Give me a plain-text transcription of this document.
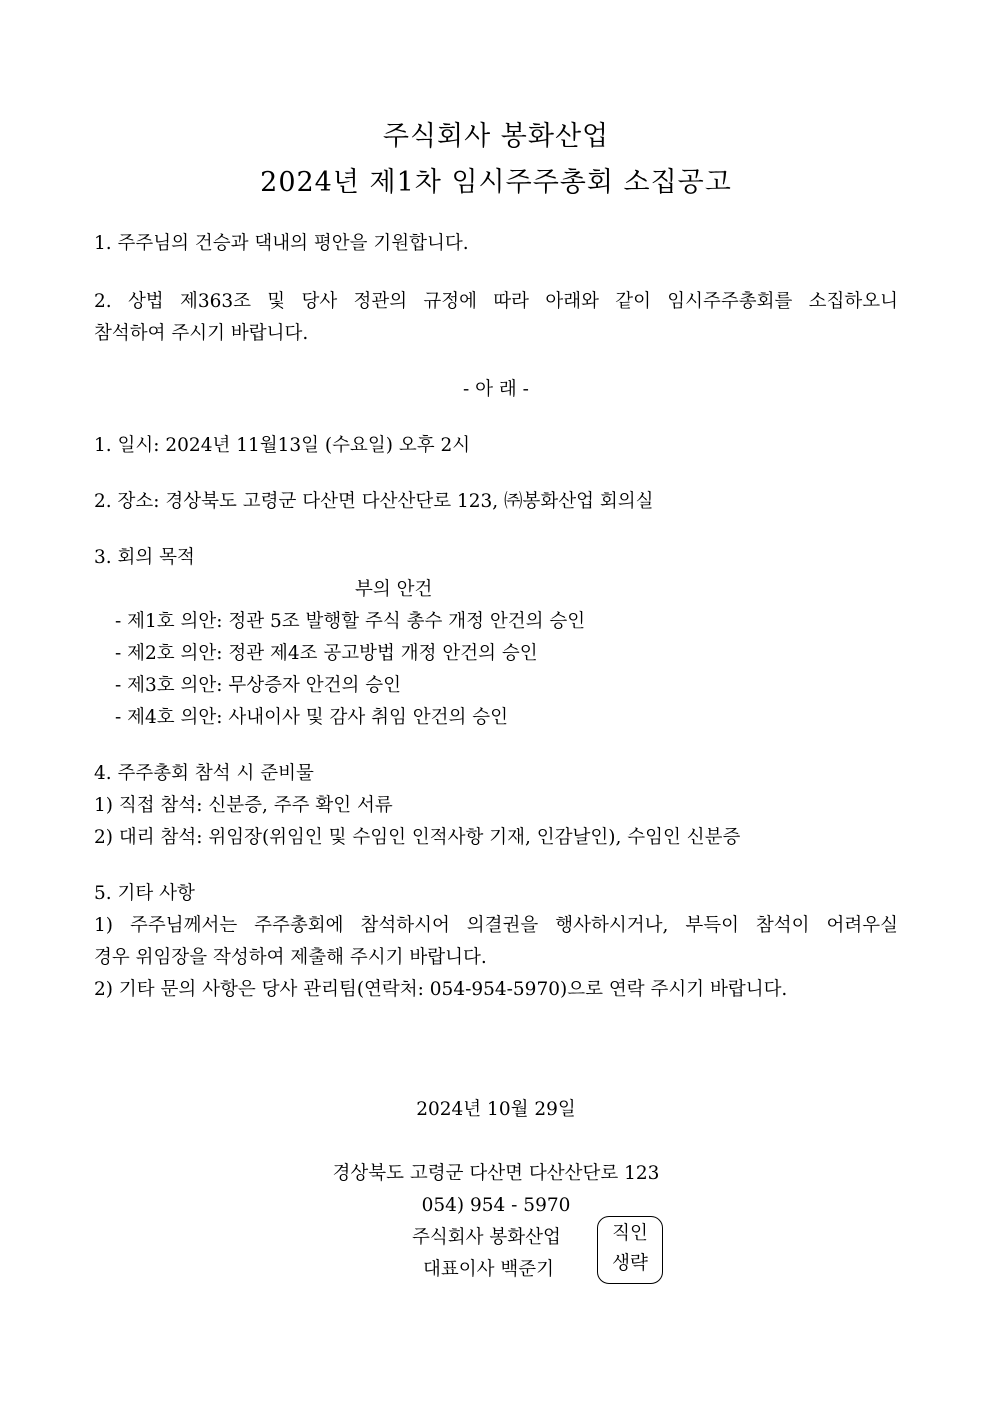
주식회사 봉화산업
2024년 제1차 임시주주총회 소집공고
1. 주주님의 건승과 댁내의 평안을 기원합니다.
2. 상법 제363조 및 당사 정관의 규정에 따라 아래와 같이 임시주주총회를 소집하오니
참석하여 주시기 바랍니다.
- 아 래 -
1. 일시: 2024년 11월13일 (수요일) 오후 2시
2. 장소: 경상북도 고령군 다산면 다산산단로 123, ㈜봉화산업 회의실
3. 회의 목적
부의 안건
- 제1호 의안: 정관 5조 발행할 주식 총수 개정 안건의 승인
- 제2호 의안: 정관 제4조 공고방법 개정 안건의 승인
- 제3호 의안: 무상증자 안건의 승인
- 제4호 의안: 사내이사 및 감사 취임 안건의 승인
4. 주주총회 참석 시 준비물
1) 직접 참석: 신분증, 주주 확인 서류
2) 대리 참석: 위임장(위임인 및 수임인 인적사항 기재, 인감날인), 수임인 신분증
5. 기타 사항
1) 주주님께서는 주주총회에 참석하시어 의결권을 행사하시거나, 부득이 참석이 어려우실
경우 위임장을 작성하여 제출해 주시기 바랍니다.
2) 기타 문의 사항은 당사 관리팀(연락처: 054-954-5970)으로 연락 주시기 바랍니다.
2024년 10월 29일
경상북도 고령군 다산면 다산산단로 123
054) 954 - 5970
주식회사 봉화산업
대표이사 백준기
직인
생략
